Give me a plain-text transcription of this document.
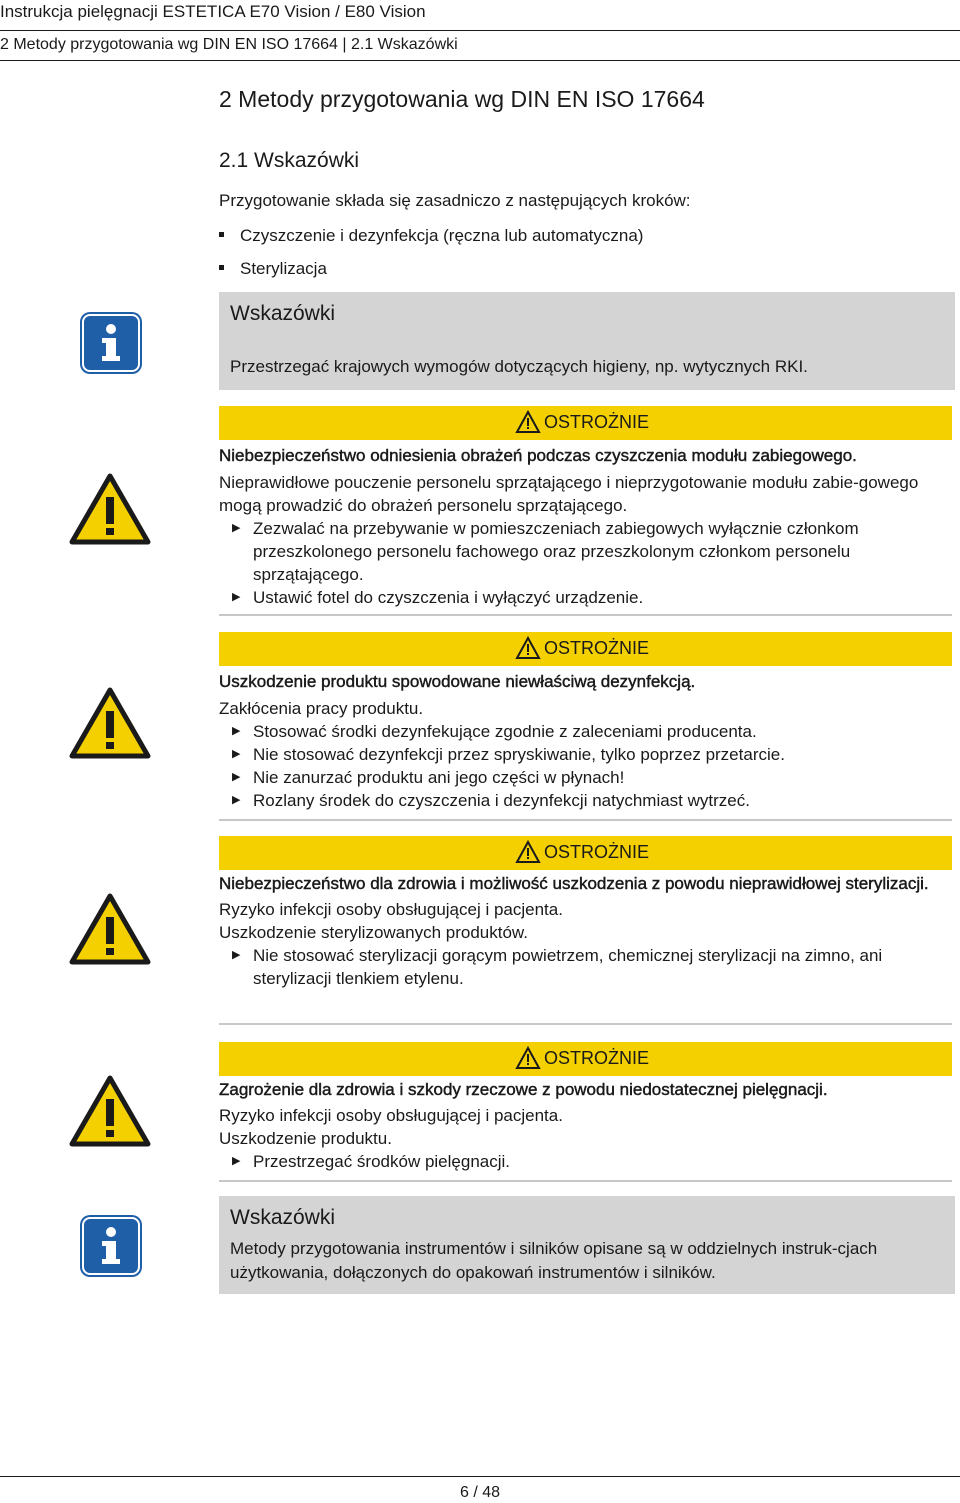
Instrukcja pielęgnacji ESTETICA E70 Vision / E80 Vision
2 Metody przygotowania wg DIN EN ISO 17664 | 2.1 Wskazówki
2 Metody przygotowania wg DIN EN ISO 17664
2.1 Wskazówki
Przygotowanie składa się zasadniczo z następujących kroków:
Czyszczenie i dezynfekcja (ręczna lub automatyczna)
Sterylizacja
Wskazówki
Przestrzegać krajowych wymogów dotyczących higieny, np. wytycznych RKI.
OSTROŻNIE
Niebezpieczeństwo odniesienia obrażeń podczas czyszczenia modułu zabiegowego.
Nieprawidłowe pouczenie personelu sprzątającego i nieprzygotowanie modułu zabie-gowego mogą prowadzić do obrażeń personelu sprzątającego.
▶ Zezwalać na przebywanie w pomieszczeniach zabiegowych wyłącznie członkom przeszkolonego personelu fachowego oraz przeszkolonym członkom personelu sprzątającego.
▶ Ustawić fotel do czyszczenia i wyłączyć urządzenie.
OSTROŻNIE
Uszkodzenie produktu spowodowane niewłaściwą dezynfekcją.
Zakłócenia pracy produktu.
▶ Stosować środki dezynfekujące zgodnie z zaleceniami producenta.
▶ Nie stosować dezynfekcji przez spryskiwanie, tylko poprzez przetarcie.
▶ Nie zanurzać produktu ani jego części w płynach!
▶ Rozlany środek do czyszczenia i dezynfekcji natychmiast wytrzeć.
OSTROŻNIE
Niebezpieczeństwo dla zdrowia i możliwość uszkodzenia z powodu nieprawidłowej sterylizacji.
Ryzyko infekcji osoby obsługującej i pacjenta.
Uszkodzenie sterylizowanych produktów.
▶ Nie stosować sterylizacji gorącym powietrzem, chemicznej sterylizacji na zimno, ani sterylizacji tlenkiem etylenu.
OSTROŻNIE
Zagrożenie dla zdrowia i szkody rzeczowe z powodu niedostatecznej pielęgnacji.
Ryzyko infekcji osoby obsługującej i pacjenta.
Uszkodzenie produktu.
▶ Przestrzegać środków pielęgnacji.
Wskazówki
Metody przygotowania instrumentów i silników opisane są w oddzielnych instruk-cjach użytkowania, dołączonych do opakowań instrumentów i silników.
6 / 48
